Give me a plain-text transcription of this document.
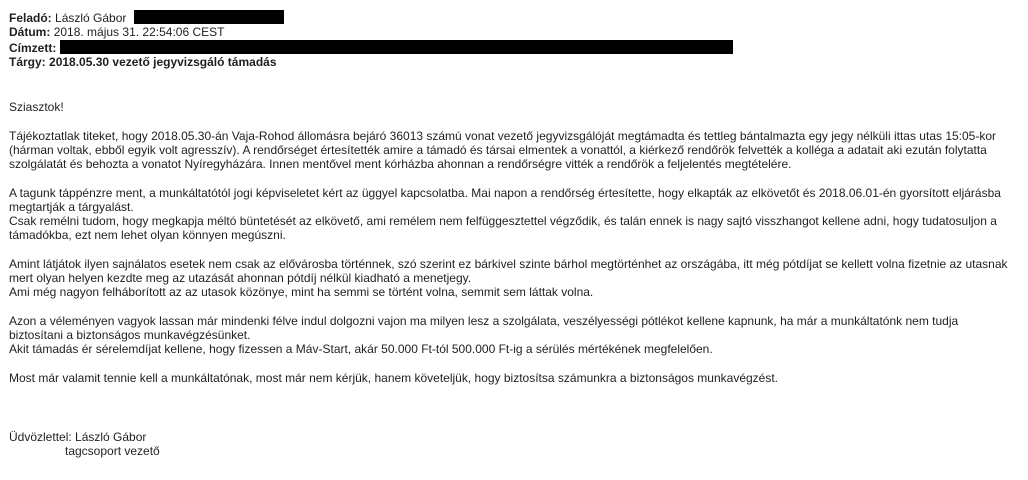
Feladó: László Gábor
Dátum: 2018. május 31. 22:54:06 CEST
Címzett:
Tárgy: 2018.05.30 vezető jegyvizsgáló támadás

Sziasztok!

Tájékoztatlak titeket, hogy 2018.05.30-án Vaja-Rohod állomásra bejáró 36013 számú vonat vezető jegyvizsgálóját megtámadta és tettleg bántalmazta egy jegy nélküli ittas utas 15:05-kor (hárman voltak, ebből egyik volt agresszív). A rendőrséget értesítették amire a támadó és társai elmentek a vonattól, a kiérkező rendőrök felvették a kolléga a adatait aki ezután folytatta szolgálatát és behozta a vonatot Nyíregyházára. Innen mentővel ment kórházba ahonnan a rendőrségre vitték a rendőrök a feljelentés megtételére.

A tagunk táppénzre ment, a munkáltatótól jogi képviseletet kért az üggyel kapcsolatba. Mai napon a rendőrség értesítette, hogy elkapták az elkövetőt és 2018.06.01-én gyorsított eljárásba megtartják a tárgyalást.

Csak remélni tudom, hogy megkapja méltó büntetését az elkövető, ami remélem nem felfüggesztettel végződik, és talán ennek is nagy sajtó visszhangot kellene adni, hogy tudatosuljon a támadókba, ezt nem lehet olyan könnyen megúszni.

Amint látjátok ilyen sajnálatos esetek nem csak az elővárosba történnek, szó szerint ez bárkivel szinte bárhol megtörténhet az országába, itt még pótdíjat se kellett volna fizetnie az utasnak mert olyan helyen kezdte meg az utazását ahonnan pótdíj nélkül kiadható a menetjegy.

Ami még nagyon felháborított az az utasok közönye, mint ha semmi se történt volna, semmit sem láttak volna.

Azon a véleményen vagyok lassan már mindenki félve indul dolgozni vajon ma milyen lesz a szolgálata, veszélyességi pótlékot kellene kapnunk, ha már a munkáltatónk nem tudja biztosítani a biztonságos munkavégzésünket.

Akit támadás ér sérelemdíjat kellene, hogy fizessen a Máv-Start, akár 50.000 Ft-tól 500.000 Ft-ig a sérülés mértékének megfelelően.

Most már valamit tennie kell a munkáltatónak, most már nem kérjük, hanem követeljük, hogy biztosítsa számunkra a biztonságos munkavégzést.

Üdvözlettel: László Gábor

tagcsoport vezető
